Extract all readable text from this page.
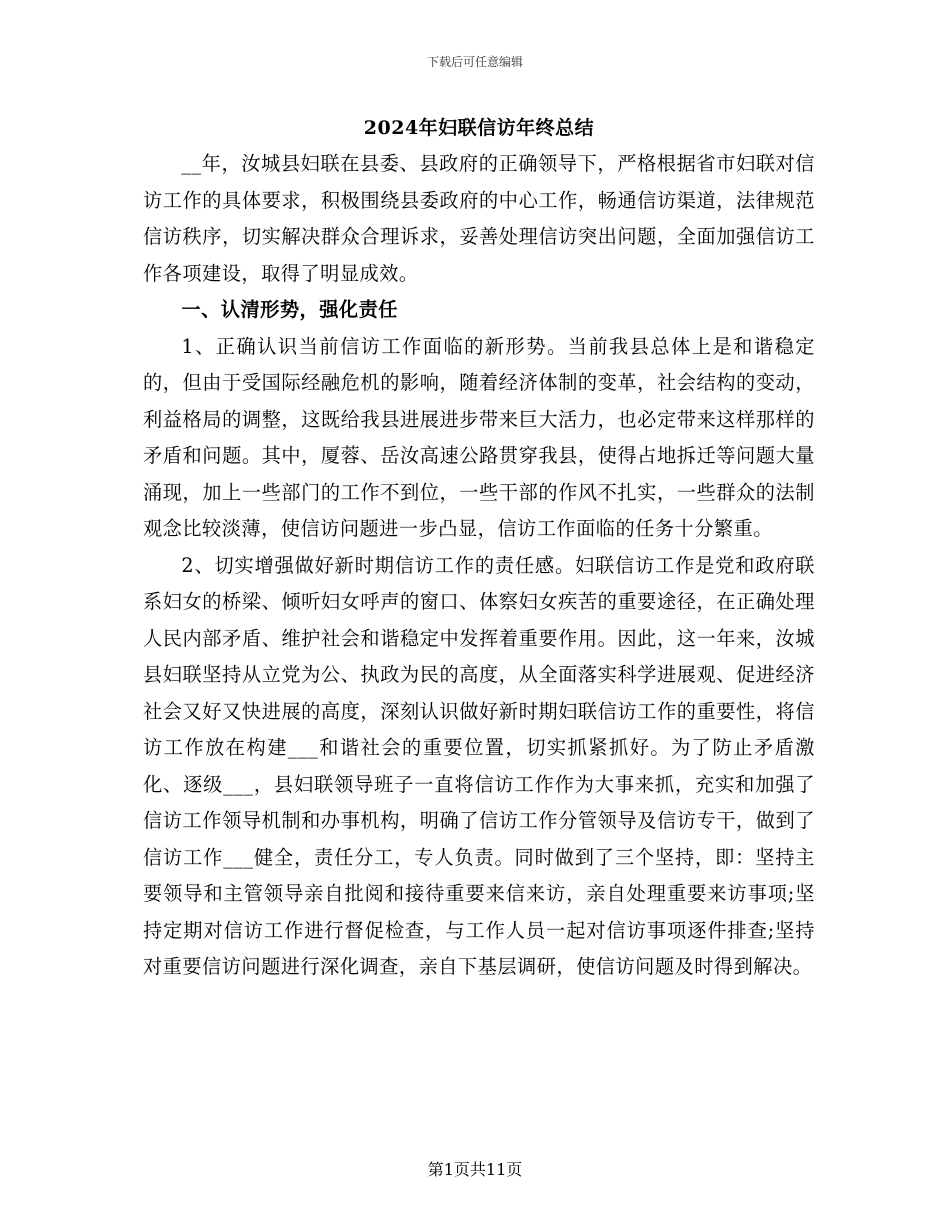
下载后可任意编辑
2024年妇联信访年终总结

__年，汝城县妇联在县委、县政府的正确领导下，严格根据省市妇联对信访工作的具体要求，积极围绕县委政府的中心工作，畅通信访渠道，法律规范信访秩序，切实解决群众合理诉求，妥善处理信访突出问题，全面加强信访工作各项建设，取得了明显成效。

一、认清形势，强化责任

1、正确认识当前信访工作面临的新形势。当前我县总体上是和谐稳定的，但由于受国际经融危机的影响，随着经济体制的变革，社会结构的变动，利益格局的调整，这既给我县进展进步带来巨大活力，也必定带来这样那样的矛盾和问题。其中，厦蓉、岳汝高速公路贯穿我县，使得占地拆迁等问题大量涌现，加上一些部门的工作不到位，一些干部的作风不扎实，一些群众的法制观念比较淡薄，使信访问题进一步凸显，信访工作面临的任务十分繁重。

2、切实增强做好新时期信访工作的责任感。妇联信访工作是党和政府联系妇女的桥梁、倾听妇女呼声的窗口、体察妇女疾苦的重要途径，在正确处理人民内部矛盾、维护社会和谐稳定中发挥着重要作用。因此，这一年来，汝城县妇联坚持从立党为公、执政为民的高度，从全面落实科学进展观、促进经济社会又好又快进展的高度，深刻认识做好新时期妇联信访工作的重要性，将信访工作放在构建___和谐社会的重要位置，切实抓紧抓好。为了防止矛盾激化、逐级___，县妇联领导班子一直将信访工作作为大事来抓，充实和加强了信访工作领导机制和办事机构，明确了信访工作分管领导及信访专干，做到了信访工作___健全，责任分工，专人负责。同时做到了三个坚持，即：坚持主要领导和主管领导亲自批阅和接待重要来信来访，亲自处理重要来访事项;坚持定期对信访工作进行督促检查，与工作人员一起对信访事项逐件排查;坚持对重要信访问题进行深化调查，亲自下基层调研，使信访问题及时得到解决。

第1页共11页
